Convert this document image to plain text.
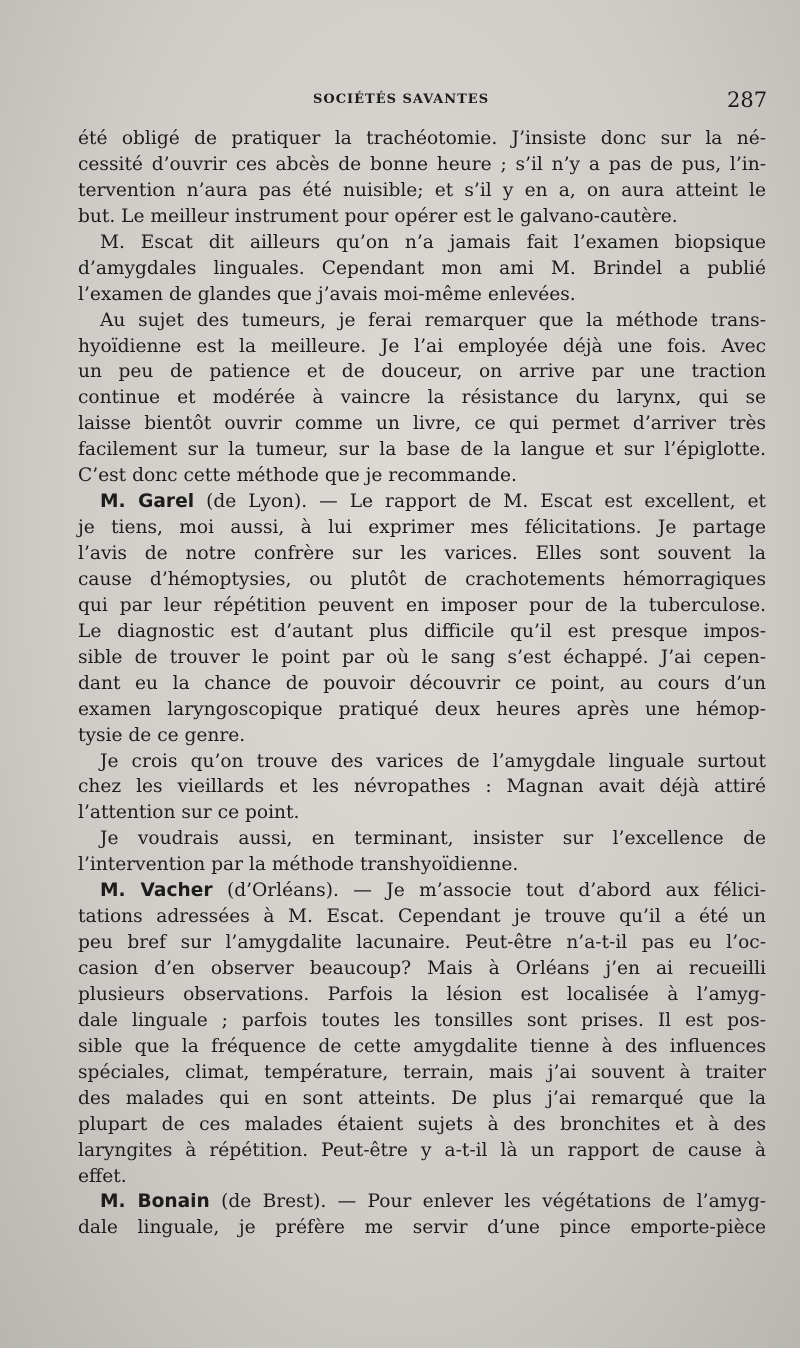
SOCIÉTÉS SAVANTES	287
été obligé de pratiquer la trachéotomie. J’insiste donc sur la né-
cessité d’ouvrir ces abcès de bonne heure ; s’il n’y a pas de pus, l’in-
tervention n’aura pas été nuisible; et s’il y en a, on aura atteint le
but. Le meilleur instrument pour opérer est le galvano-cautère.
M. Escat dit ailleurs qu’on n’a jamais fait l’examen biopsique
d’amygdales linguales. Cependant mon ami M. Brindel a publié
l’examen de glandes que j’avais moi-même enlevées.
Au sujet des tumeurs, je ferai remarquer que la méthode trans-
hyoïdienne est la meilleure. Je l’ai employée déjà une fois. Avec
un peu de patience et de douceur, on arrive par une traction
continue et modérée à vaincre la résistance du larynx, qui se
laisse bientôt ouvrir comme un livre, ce qui permet d’arriver très
facilement sur la tumeur, sur la base de la langue et sur l’épiglotte.
C’est donc cette méthode que je recommande.
M. Garel (de Lyon). — Le rapport de M. Escat est excellent, et
je tiens, moi aussi, à lui exprimer mes félicitations. Je partage
l’avis de notre confrère sur les varices. Elles sont souvent la
cause d’hémoptysies, ou plutôt de crachotements hémorragiques
qui par leur répétition peuvent en imposer pour de la tuberculose.
Le diagnostic est d’autant plus difficile qu’il est presque impos-
sible de trouver le point par où le sang s’est échappé. J’ai cepen-
dant eu la chance de pouvoir découvrir ce point, au cours d’un
examen laryngoscopique pratiqué deux heures après une hémop-
tysie de ce genre.
Je crois qu’on trouve des varices de l’amygdale linguale surtout
chez les vieillards et les névropathes : Magnan avait déjà attiré
l’attention sur ce point.
Je voudrais aussi, en terminant, insister sur l’excellence de
l’intervention par la méthode transhyoïdienne.
M. Vacher (d’Orléans). — Je m’associe tout d’abord aux félici-
tations adressées à M. Escat. Cependant je trouve qu’il a été un
peu bref sur l’amygdalite lacunaire. Peut-être n’a-t-il pas eu l’oc-
casion d’en observer beaucoup? Mais à Orléans j’en ai recueilli
plusieurs observations. Parfois la lésion est localisée à l’amyg-
dale linguale ; parfois toutes les tonsilles sont prises. Il est pos-
sible que la fréquence de cette amygdalite tienne à des influences
spéciales, climat, température, terrain, mais j’ai souvent à traiter
des malades qui en sont atteints. De plus j’ai remarqué que la
plupart de ces malades étaient sujets à des bronchites et à des
laryngites à répétition. Peut-être y a-t-il là un rapport de cause à
effet.
M. Bonain (de Brest). — Pour enlever les végétations de l’amyg-
dale linguale, je préfère me servir d’une pince emporte-pièce
